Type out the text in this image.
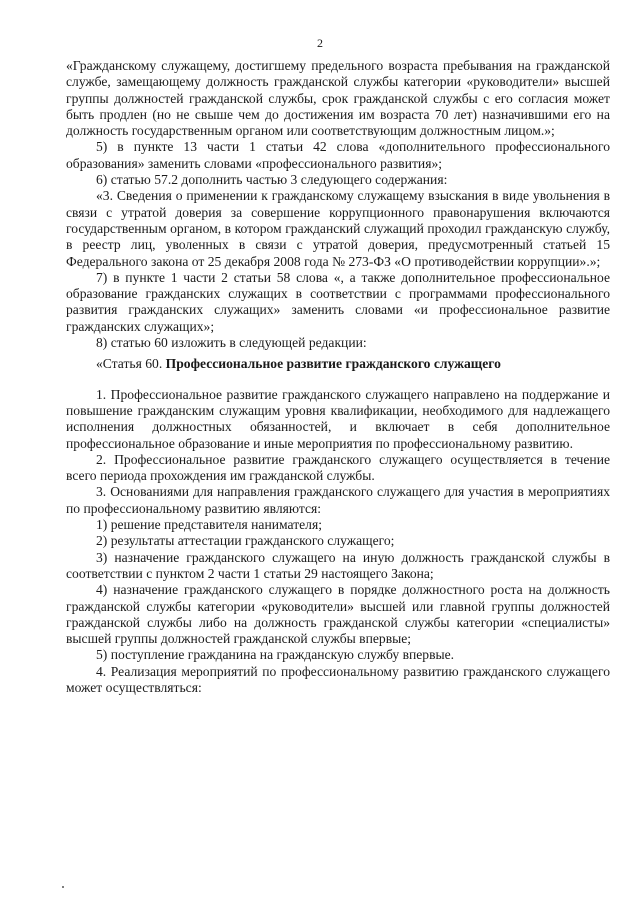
2

«Гражданскому служащему, достигшему предельного возраста пребывания на гражданской службе, замещающему должность гражданской службы категории «руководители» высшей группы должностей гражданской службы, срок гражданской службы с его согласия может быть продлен (но не свыше чем до достижения им возраста 70 лет) назначившими его на должность государственным органом или соответствующим должностным лицом.»;

5) в пункте 13 части 1 статьи 42 слова «дополнительного профессионального образования» заменить словами «профессионального развития»;

6) статью 57.2 дополнить частью 3 следующего содержания:

«3. Сведения о применении к гражданскому служащему взыскания в виде увольнения в связи с утратой доверия за совершение коррупционного правонарушения включаются государственным органом, в котором гражданский служащий проходил гражданскую службу, в реестр лиц, уволенных в связи с утратой доверия, предусмотренный статьей 15 Федерального закона от 25 декабря 2008 года № 273-ФЗ «О противодействии коррупции».»;

7) в пункте 1 части 2 статьи 58 слова «, а также дополнительное профессиональное образование гражданских служащих в соответствии с программами профессионального развития гражданских служащих» заменить словами «и профессиональное развитие гражданских служащих»;

8) статью 60 изложить в следующей редакции:

«Статья 60. Профессиональное развитие гражданского служащего

1. Профессиональное развитие гражданского служащего направлено на поддержание и повышение гражданским служащим уровня квалификации, необходимого для надлежащего исполнения должностных обязанностей, и включает в себя дополнительное профессиональное образование и иные мероприятия по профессиональному развитию.

2. Профессиональное развитие гражданского служащего осуществляется в течение всего периода прохождения им гражданской службы.

3. Основаниями для направления гражданского служащего для участия в мероприятиях по профессиональному развитию являются:

1) решение представителя нанимателя;

2) результаты аттестации гражданского служащего;

3) назначение гражданского служащего на иную должность гражданской службы в соответствии с пунктом 2 части 1 статьи 29 настоящего Закона;

4) назначение гражданского служащего в порядке должностного роста на должность гражданской службы категории «руководители» высшей или главной группы должностей гражданской службы либо на должность гражданской службы категории «специалисты» высшей группы должностей гражданской службы впервые;

5) поступление гражданина на гражданскую службу впервые.

4. Реализация мероприятий по профессиональному развитию гражданского служащего может осуществляться:
